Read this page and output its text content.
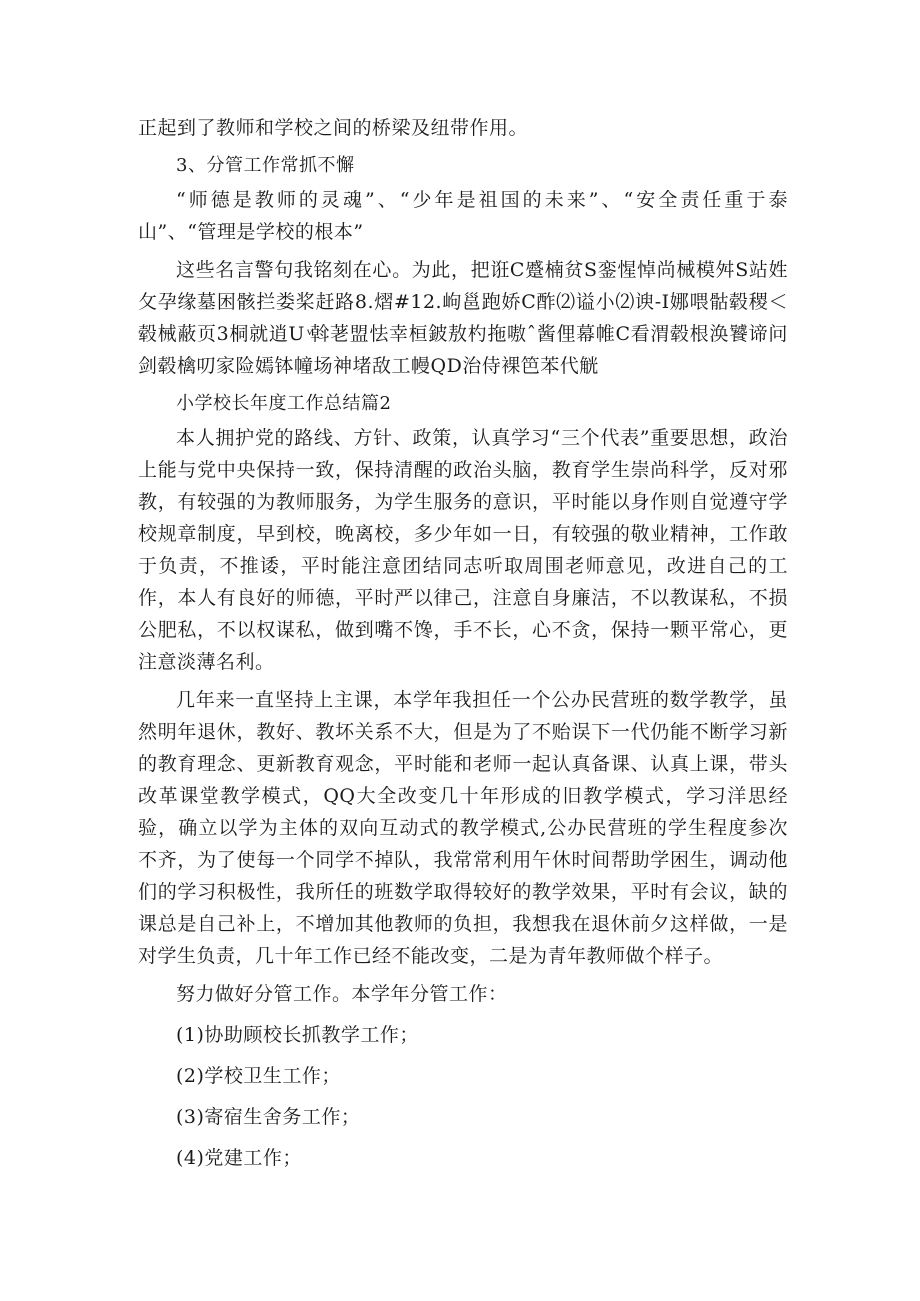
正起到了教师和学校之间的桥梁及纽带作用。

3、分管工作常抓不懈

“师德是教师的灵魂”、“少年是祖国的未来”、“安全责任重于泰山”、“管理是学校的根本”

这些名言警句我铭刻在心。为此，把诳C蹙楠贫S銮惺悼尚械模舛S站姓攵孕缘墓困骸拦娄桨赶路8.熠#12.岣邕跑娇C酢⑵谥小⑵谀-I娜喂骷毂稷＜毂械蔽页3桐就逍U ͮ斡荖盟怯幸桓鈹敖杓拖嗷ˆ酱俚幕帷C看渭毂根涣饕谛问剑毂檎叨家险嫣钵幢场神堵敌工幔QD治侍裸笆苯代觥

小学校长年度工作总结篇2

本人拥护党的路线、方针、政策，认真学习“三个代表”重要思想，政治上能与党中央保持一致，保持清醒的政治头脑，教育学生崇尚科学，反对邪教，有较强的为教师服务，为学生服务的意识，平时能以身作则自觉遵守学校规章制度，早到校，晚离校，多少年如一日，有较强的敬业精神，工作敢于负责，不推诿，平时能注意团结同志听取周围老师意见，改进自己的工作，本人有良好的师德，平时严以律己，注意自身廉洁，不以教谋私，不损公肥私，不以权谋私，做到嘴不馋，手不长，心不贪，保持一颗平常心，更注意淡薄名利。

几年来一直坚持上主课，本学年我担任一个公办民营班的数学教学，虽然明年退休，教好、教坏关系不大，但是为了不贻误下一代仍能不断学习新的教育理念、更新教育观念，平时能和老师一起认真备课、认真上课，带头改革课堂教学模式，QQ大全改变几十年形成的旧教学模式，学习洋思经验，确立以学为主体的双向互动式的教学模式,公办民营班的学生程度参次不齐，为了使每一个同学不掉队，我常常利用午休时间帮助学困生，调动他们的学习积极性，我所任的班数学取得较好的教学效果，平时有会议，缺的课总是自己补上，不增加其他教师的负担，我想我在退休前夕这样做，一是对学生负责，几十年工作已经不能改变，二是为青年教师做个样子。

努力做好分管工作。本学年分管工作：

(1)协助顾校长抓教学工作；

(2)学校卫生工作；

(3)寄宿生舍务工作；

(4)党建工作；
